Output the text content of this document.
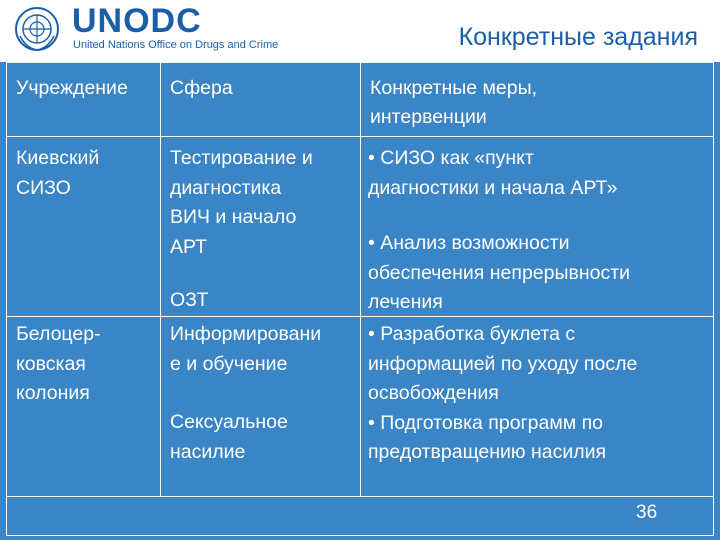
UNODC
United Nations Office on Drugs and Crime	Конкретные задания
Учреждение Сфера	Конкретные меры,
интервенции
Киевский
СИЗО
Тестирование и
диагностика
ВИЧ и начало
АРТ
ОЗТ
• СИЗО как «пункт
диагностики и начала АРТ»
• Анализ возможности
обеспечения непрерывности
лечения
Белоцер-
ковская
колония
Информировани
е и обучение
Сексуальное
насилие
• Разработка буклета с
информацией по уходу после
освобождения
• Подготовка программ по
предотвращению насилия
36
